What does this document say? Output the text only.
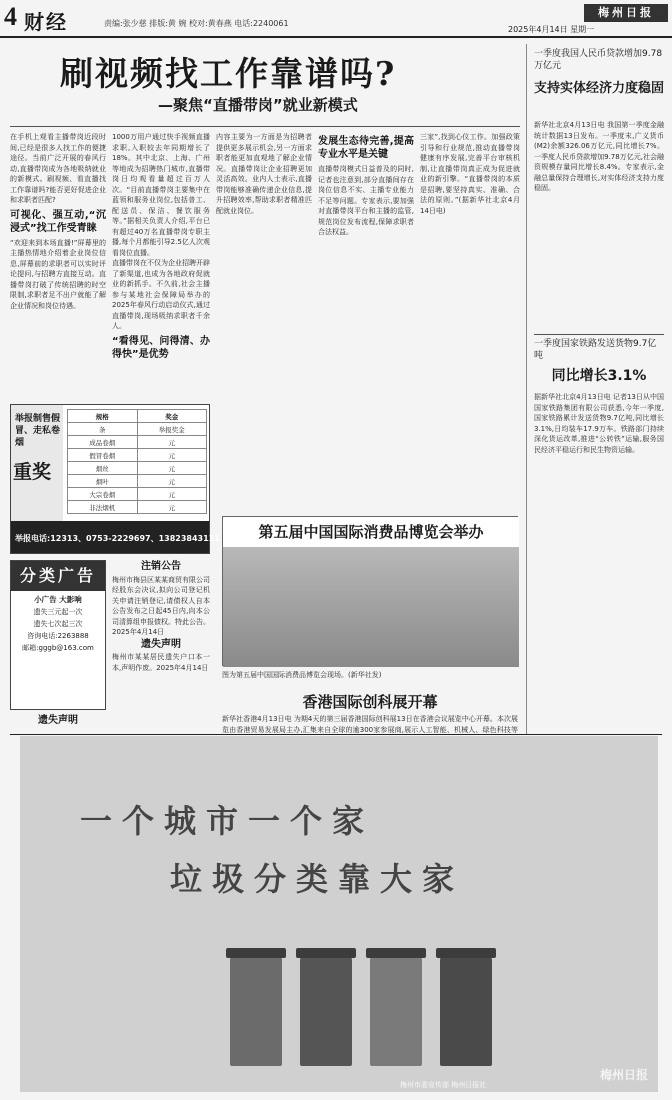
4 财经	责编:张少慈 排版:黄 婉 校对:黄春燕 电话:2240061
2025年4月14日 星期一
梅州日报
刷视频找工作靠谱吗?
—聚焦“直播带岗”就业新模式

在手机上观看主播带岗近段时间,已经是很多人找工作的便捷途径。当前广泛开展的春风行动,直播带岗成为各地吸纳就业的新模式。刷视频、看直播找工作靠谱吗?能否更好促进企业和求职者匹配?

可视化、强互动,“沉浸式”找工作受青睐

“欢迎来到本场直播!”屏幕里的主播热情地介绍着企业岗位信息,屏幕前的求职者可以实时评论提问,与招聘方直接互动。直播带岗打破了传统招聘的时空限制,求职者足不出户就能了解企业情况和岗位待遇。

1000万用户通过快手视频直播求职,入职较去年同期增长了18%。其中北京、上海、广州等地成为招聘热门城市,直播带岗日均观看量超过百万人次。“目前直播带岗主要集中在蓝领和服务业岗位,包括普工、配送员、保洁、餐饮服务等。”据相关负责人介绍,平台已有超过40万名直播带岗专职主播,每个月都能引导2.5亿人次观看岗位直播。

直播带岗在不仅为企业招聘开辟了新渠道,也成为各地政府促就业的新抓手。不久前,社会主播参与某地社会保障局举办的2025年春风行动启动仪式,通过直播带岗,现场吸纳求职者千余人。

“看得见、问得清、办得快”是优势

内容主要为一方面是为招聘者提供更多展示机会,另一方面求职者能更加直观地了解企业情况。直播带岗让企业招聘更加灵活高效。业内人士表示,直播带岗能够准确传递企业信息,提升招聘效率,帮助求职者精准匹配就业岗位。

发展生态待完善,提高专业水平是关键

直播带岗模式日益普及的同时,记者也注意到,部分直播间存在岗位信息不实、主播专业能力不足等问题。专家表示,要加强对直播带岗平台和主播的监管,规范岗位发布流程,保障求职者合法权益。

三家”,找到心仪工作。加强政策引导和行业规范,推动直播带岗健康有序发展,完善平台审核机制,让直播带岗真正成为促进就业的新引擎。“直播带岗的本质是招聘,要坚持真实、准确、合法的原则。”(据新华社北京4月14日电)

一季度我国人民币贷款增加9.78万亿元
支持实体经济力度稳固
新华社北京4月13日电 我国第一季度金融统计数据13日发布。一季度末,广义货币(M2)余额326.06万亿元,同比增长7%。一季度人民币贷款增加9.78万亿元,社会融资规模存量同比增长8.4%。专家表示,金融总量保持合理增长,对实体经济支持力度稳固。
一季度国家铁路发送货物9.7亿吨
同比增长3.1%
据新华社北京4月13日电 记者13日从中国国家铁路集团有限公司获悉,今年一季度,国家铁路累计发送货物9.7亿吨,同比增长3.1%,日均装车17.9万车。铁路部门持续深化货运改革,推进“公转铁”运输,服务国民经济平稳运行和民生物资运输。
举报制售假冒、走私卷烟
重奖
规格	奖金
条	举报奖金
成品卷烟	元
假冒卷烟	元
烟丝	元
烟叶	元
大宗卷烟	元
非法烟机	元
举报电话:12313、0753-2229697、13823843111
分类广告
小广告 大影响
遗失三元起一次
遗失七次起三次
咨询电话:2263888
邮箱:gggb@163.com

遗失声明

注销公告

梅州市梅县区某某商贸有限公司经股东会决议,拟向公司登记机关申请注销登记,请债权人自本公告发布之日起45日内,向本公司清算组申报债权。特此公告。2025年4月14日

遗失声明

梅州市某某居民遗失户口本一本,声明作废。2025年4月14日

第五届中国国际消费品博览会举办
图为第五届中国国际消费品博览会现场。(新华社发)
香港国际创科展开幕
新华社香港4月13日电 为期4天的第三届香港国际创科展13日在香港会议展览中心开幕。本次展览由香港贸易发展局主办,汇集来自全球的逾300家参展商,展示人工智能、机械人、绿色科技等
一个城市一个家
垃圾分类靠大家
梅州市委宣传部 梅州日报社
梅州日报
